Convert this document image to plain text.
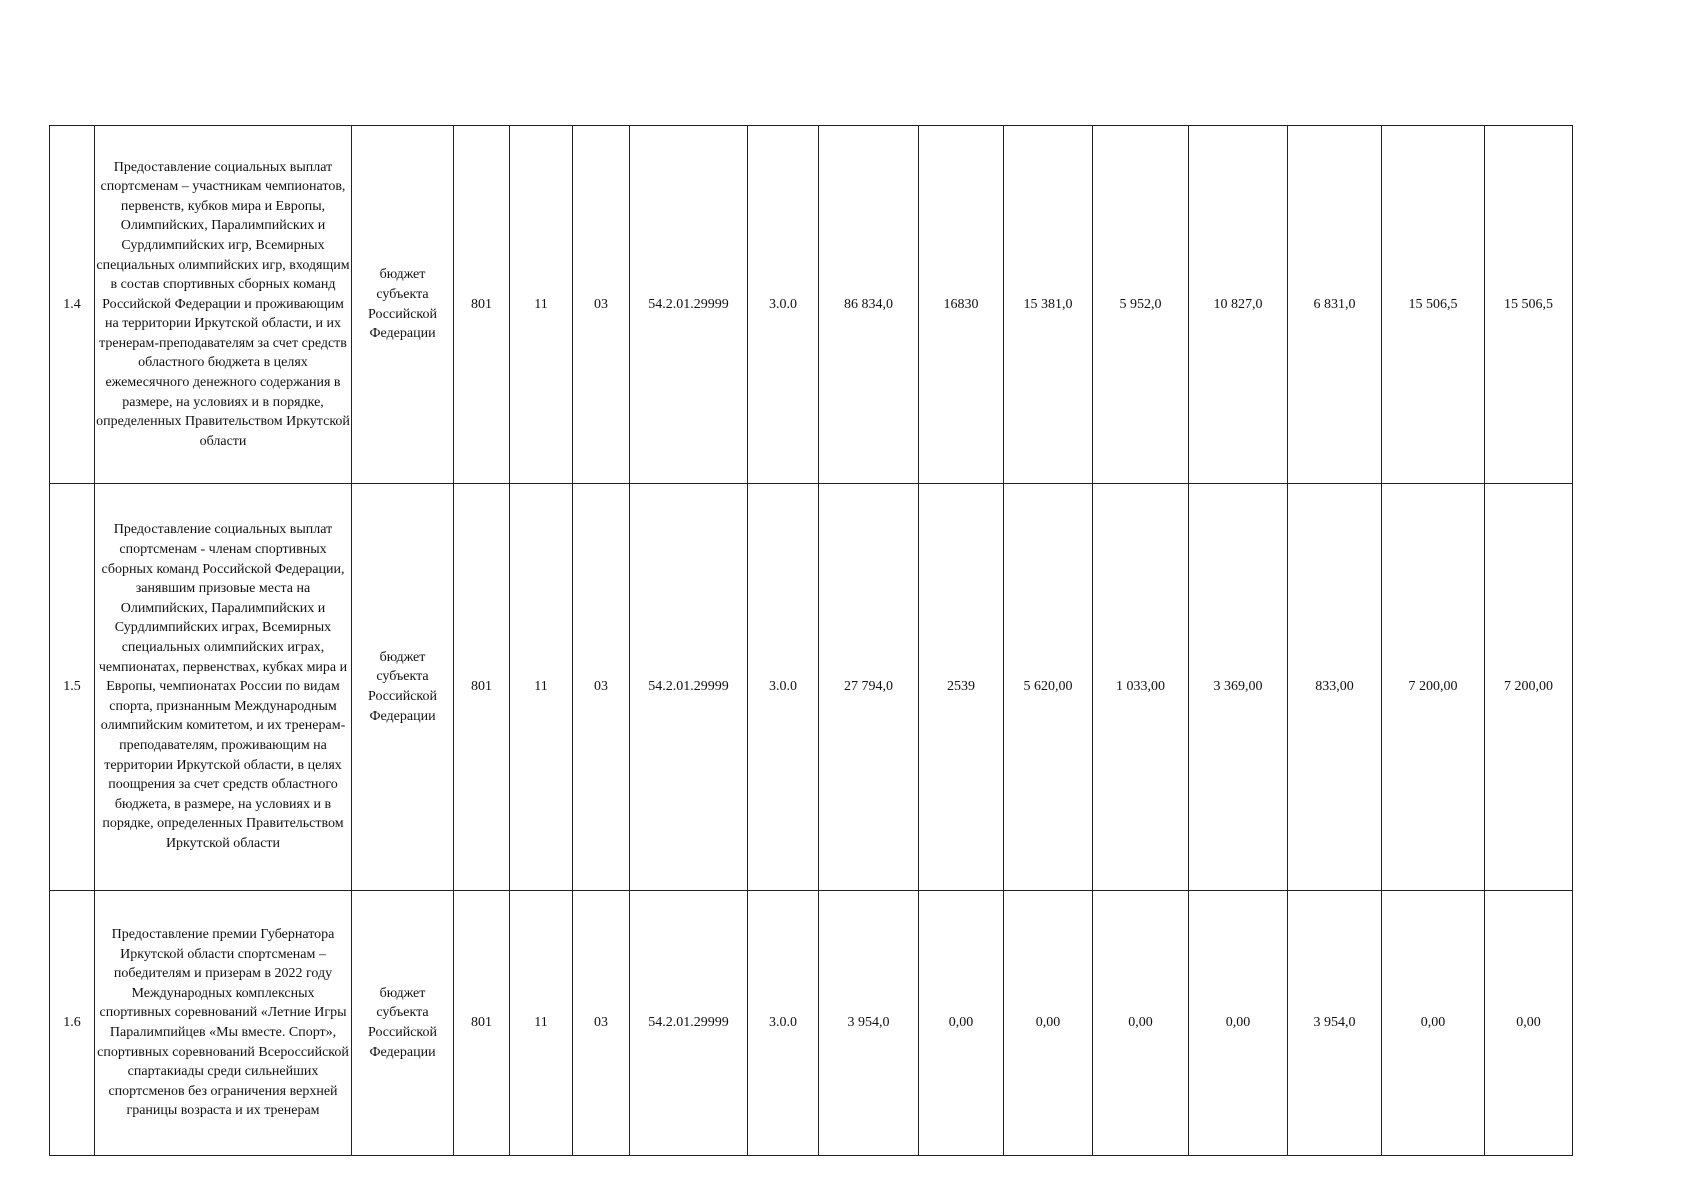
1.4	Предоставление социальных выплат спортсменам – участникам чемпионатов, первенств, кубков мира и Европы, Олимпийских, Паралимпийских и Сурдлимпийских игр, Всемирных специальных олимпийских игр, входящим в состав спортивных сборных команд Российской Федерации и проживающим на территории Иркутской области, и их тренерам-преподавателям за счет средств областного бюджета в целях ежемесячного денежного содержания в размере, на условиях и в порядке, определенных Правительством Иркутской области	бюджет субъекта Российской Федерации	801	11	03	54.2.01.29999	3.0.0	86 834,0	16830	15 381,0	5 952,0	10 827,0	6 831,0	15 506,5	15 506,5
1.5	Предоставление социальных выплат спортсменам - членам спортивных сборных команд Российской Федерации, занявшим призовые места на Олимпийских, Паралимпийских и Сурдлимпийских играх, Всемирных специальных олимпийских играх, чемпионатах, первенствах, кубках мира и Европы, чемпионатах России по видам спорта, признанным Международным олимпийским комитетом, и их тренерам-преподавателям, проживающим на территории Иркутской области, в целях поощрения за счет средств областного бюджета, в размере, на условиях и в порядке, определенных Правительством Иркутской области	бюджет субъекта Российской Федерации	801	11	03	54.2.01.29999	3.0.0	27 794,0	2539	5 620,00	1 033,00	3 369,00	833,00	7 200,00	7 200,00
1.6	Предоставление премии Губернатора Иркутской области спортсменам – победителям и призерам в 2022 году Международных комплексных спортивных соревнований «Летние Игры Паралимпийцев «Мы вместе. Спорт», спортивных соревнований Всероссийской спартакиады среди сильнейших спортсменов без ограничения верхней границы возраста и их тренерам	бюджет субъекта Российской Федерации	801	11	03	54.2.01.29999	3.0.0	3 954,0	0,00	0,00	0,00	0,00	3 954,0	0,00	0,00
